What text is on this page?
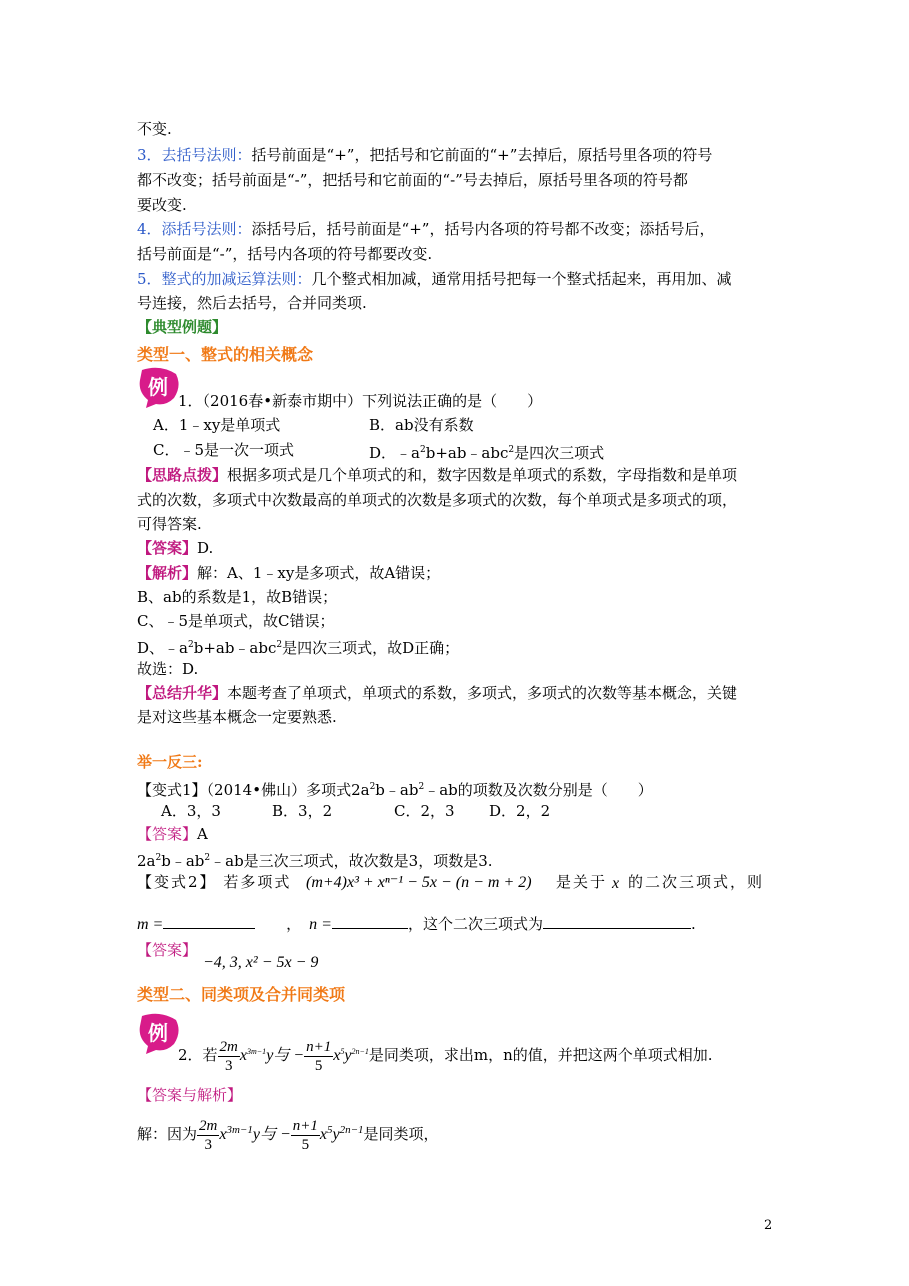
不变.
3．去括号法则：括号前面是“+”，把括号和它前面的“+”去掉后，原括号里各项的符号
都不改变；括号前面是“-”，把括号和它前面的“-”号去掉后，原括号里各项的符号都
要改变.
4．添括号法则：添括号后，括号前面是“+”，括号内各项的符号都不改变；添括号后，
括号前面是“-”，括号内各项的符号都要改变.
5．整式的加减运算法则：几个整式相加减，通常用括号把每一个整式括起来，再用加、减
号连接，然后去括号，合并同类项.
【典型例题】
类型一、整式的相关概念
例
1．（2016春•新泰市期中）下列说法正确的是（　　）
A．1﹣xy是单项式	B．ab没有系数
C．﹣5是一次一项式	D．$﹣a^2b+ab﹣abc^2$是四次三项式
【思路点拨】根据多项式是几个单项式的和，数字因数是单项式的系数，字母指数和是单项
式的次数，多项式中次数最高的单项式的次数是多项式的次数，每个单项式是多项式的项，
可得答案.
【答案】D.
【解析】解：A、1﹣xy是多项式，故A错误；
B、ab的系数是1，故B错误；
C、﹣5是单项式，故C错误；
D、$﹣a^2b+ab﹣abc^2$是四次三项式，故D正确；
故选：D.
【总结升华】本题考查了单项式，单项式的系数，多项式，多项式的次数等基本概念，关键
是对这些基本概念一定要熟悉.
举一反三:
【变式1】（2014•佛山）多项式$2a^2b﹣ab^2﹣ab$的项数及次数分别是（　　）
A．3，3	B．3，2	C．2，3 D．2，2
【答案】A
$2a^2b﹣ab^2﹣ab$是三次三项式，故次数是3，项数是3.
【变式2】 若多项式 (m+4)x³ + xⁿ⁻¹ − 5x − (n − m + 2) 是关于 x 的二次三项式，则
m =	， n =	，这个二次三项式为	.
【答案】
−4, 3, x² − 5x − 9
类型二、同类项及合并同类项
例
2．若 $\frac{2m}{3} x^{3m-1}y$与 − $\frac{n+1}{5} x^5y^{2n-1}$是同类项，求出m，n的值，并把这两个单项式相加.
【答案与解析】
解：因为 $\frac{2m}{3} x^{3m-1}y$与 − $\frac{n+1}{5} x^5y^{2n-1}$是同类项，
2
